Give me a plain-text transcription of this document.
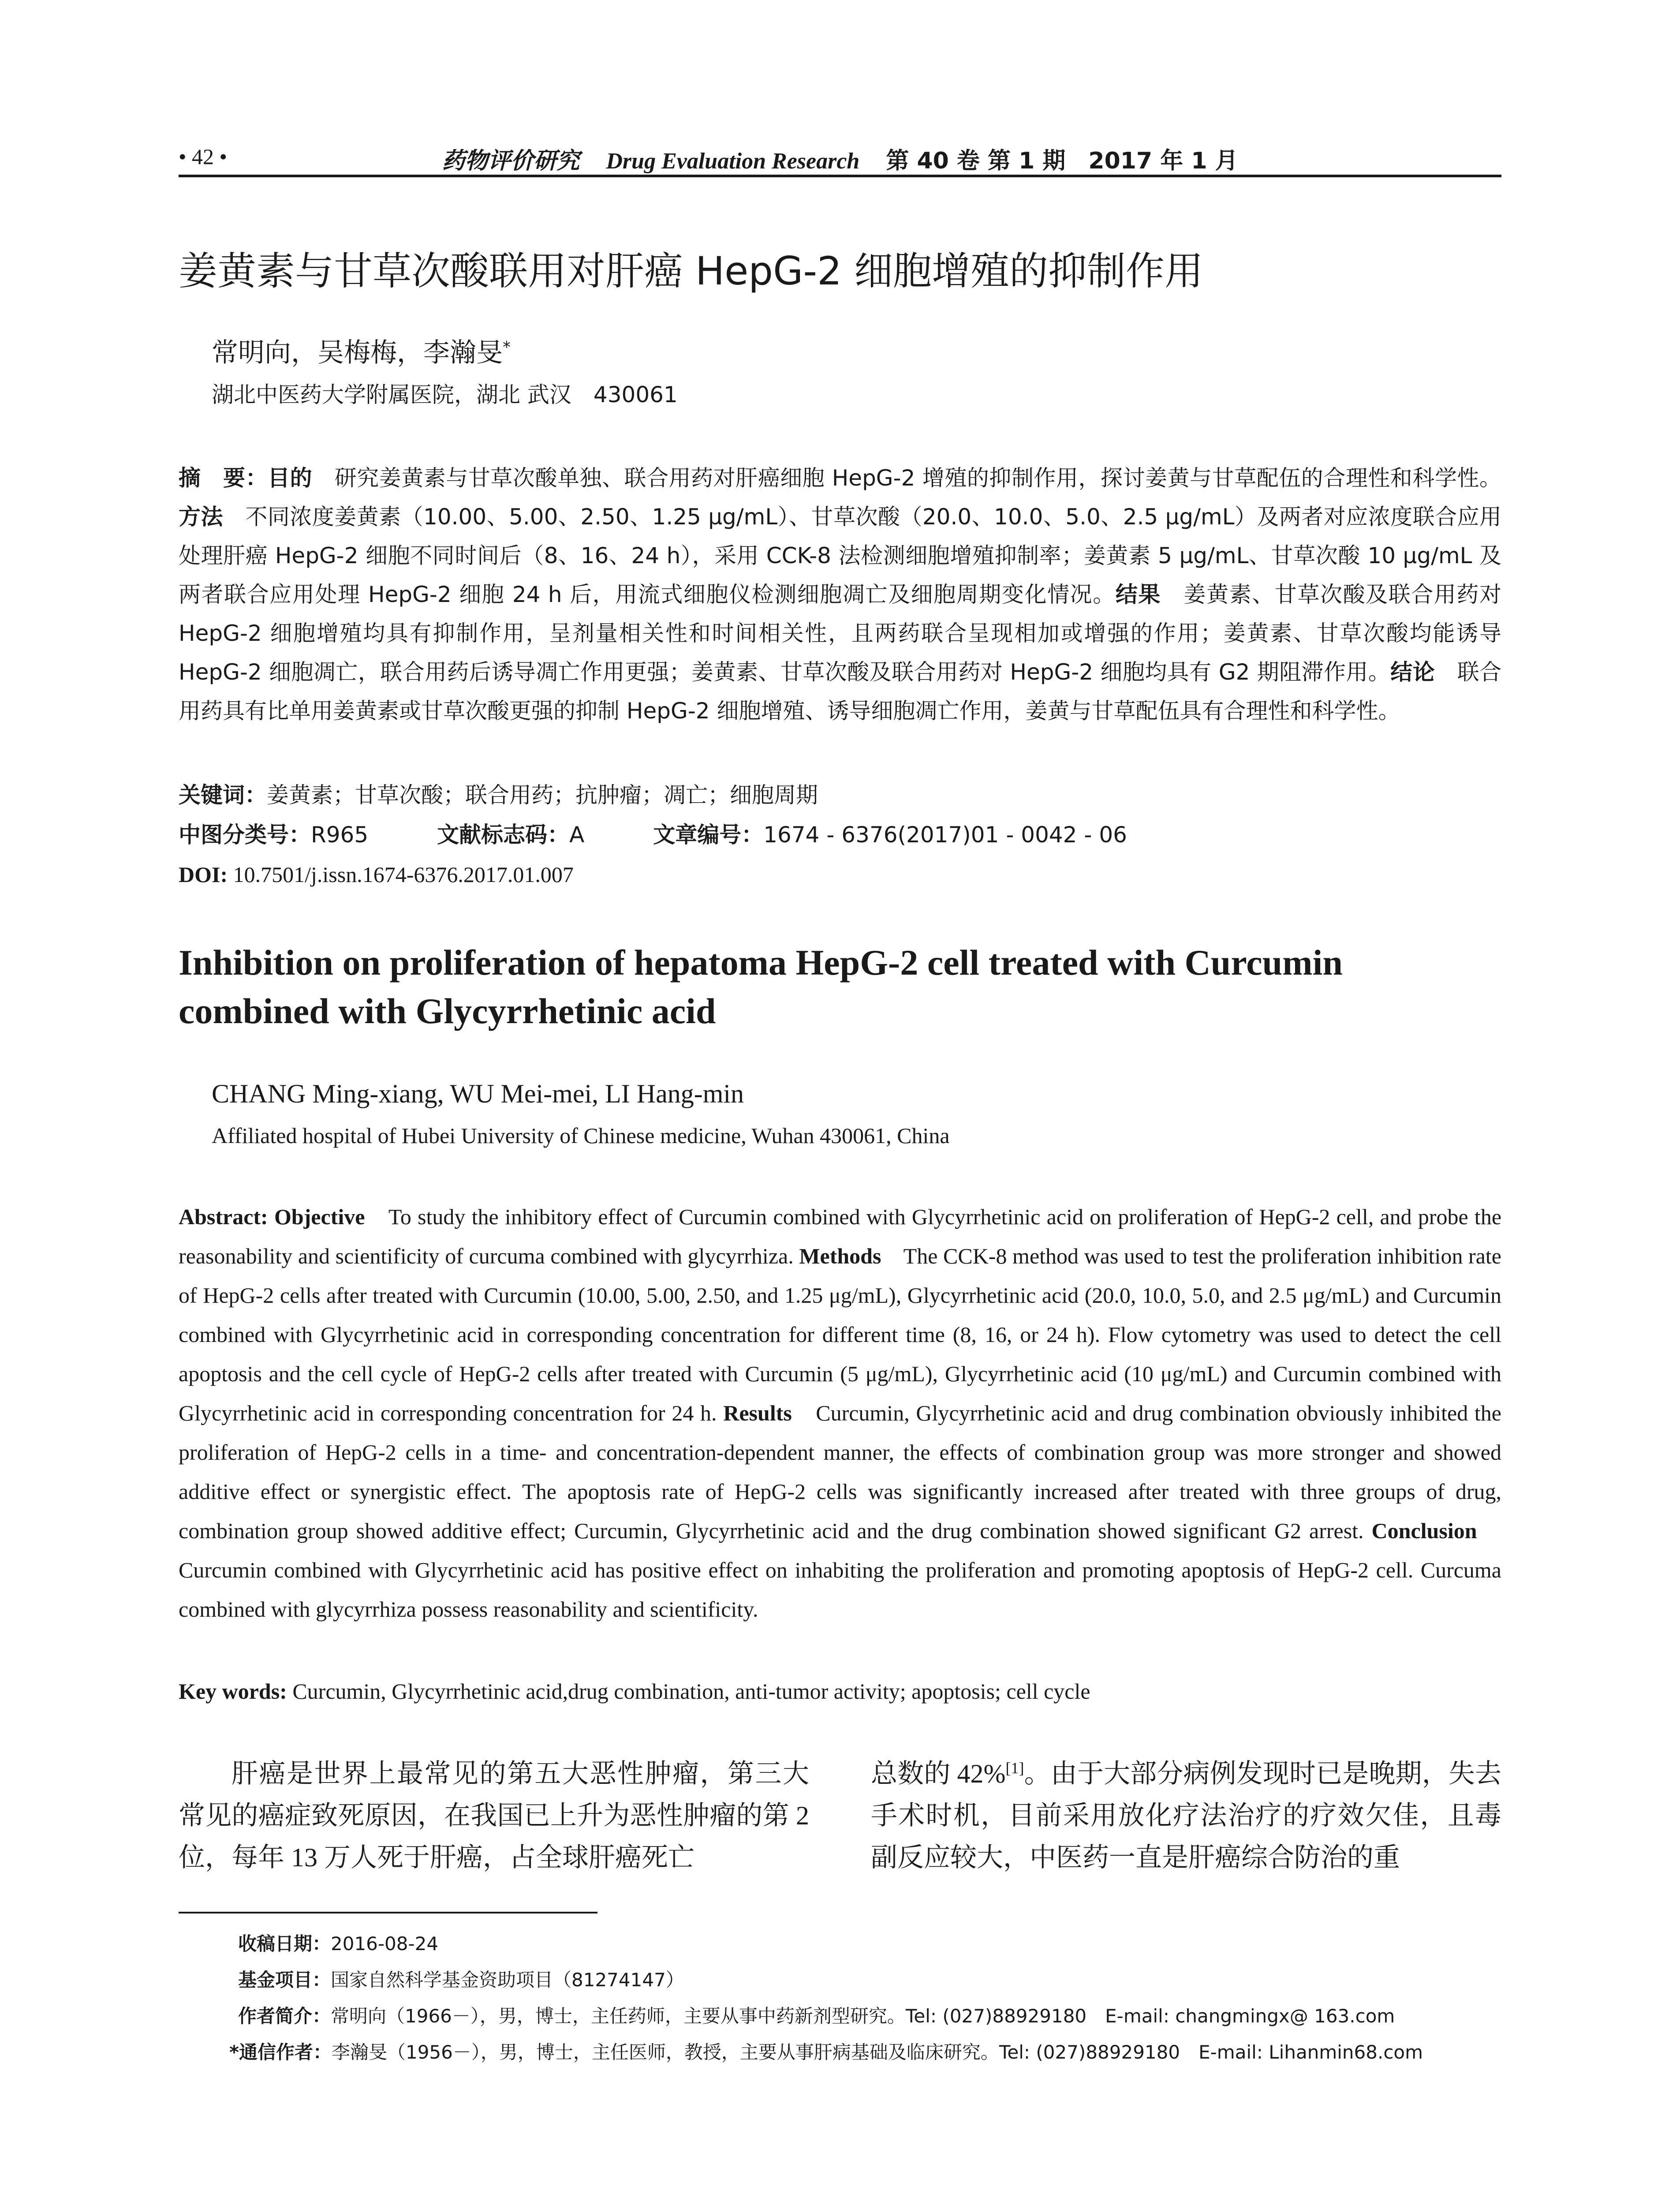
• 42 •	药物评价研究 Drug Evaluation Research 第 40 卷 第 1 期　2017 年 1 月
姜黄素与甘草次酸联用对肝癌 HepG-2 细胞增殖的抑制作用
常明向，吴梅梅，李瀚旻*
湖北中医药大学附属医院，湖北 武汉　430061
摘　要：目的　研究姜黄素与甘草次酸单独、联合用药对肝癌细胞 HepG-2 增殖的抑制作用，探讨姜黄与甘草配伍的合理性和科学性。方法　不同浓度姜黄素（10.00、5.00、2.50、1.25 μg/mL）、甘草次酸（20.0、10.0、5.0、2.5 μg/mL）及两者对应浓度联合应用处理肝癌 HepG-2 细胞不同时间后（8、16、24 h），采用 CCK-8 法检测细胞增殖抑制率；姜黄素 5 μg/mL、甘草次酸 10 μg/mL 及两者联合应用处理 HepG-2 细胞 24 h 后，用流式细胞仪检测细胞凋亡及细胞周期变化情况。结果　姜黄素、甘草次酸及联合用药对 HepG-2 细胞增殖均具有抑制作用，呈剂量相关性和时间相关性，且两药联合呈现相加或增强的作用；姜黄素、甘草次酸均能诱导 HepG-2 细胞凋亡，联合用药后诱导凋亡作用更强；姜黄素、甘草次酸及联合用药对 HepG-2 细胞均具有 G2 期阻滞作用。结论　联合用药具有比单用姜黄素或甘草次酸更强的抑制 HepG-2 细胞增殖、诱导细胞凋亡作用，姜黄与甘草配伍具有合理性和科学性。
关键词：姜黄素；甘草次酸；联合用药；抗肿瘤；凋亡；细胞周期
中图分类号：R965	文献标志码：A	文章编号：1674 - 6376(2017)01 - 0042 - 06
DOI: 10.7501/j.issn.1674-6376.2017.01.007
Inhibition on proliferation of hepatoma HepG-2 cell treated with Curcumin combined with Glycyrrhetinic acid
CHANG Ming-xiang, WU Mei-mei, LI Hang-min
Affiliated hospital of Hubei University of Chinese medicine, Wuhan 430061, China
Abstract: Objective　To study the inhibitory effect of Curcumin combined with Glycyrrhetinic acid on proliferation of HepG-2 cell, and probe the reasonability and scientificity of curcuma combined with glycyrrhiza. Methods　The CCK-8 method was used to test the proliferation inhibition rate of HepG-2 cells after treated with Curcumin (10.00, 5.00, 2.50, and 1.25 μg/mL), Glycyrrhetinic acid (20.0, 10.0, 5.0, and 2.5 μg/mL) and Curcumin combined with Glycyrrhetinic acid in corresponding concentration for different time (8, 16, or 24 h). Flow cytometry was used to detect the cell apoptosis and the cell cycle of HepG-2 cells after treated with Curcumin (5 μg/mL), Glycyrrhetinic acid (10 μg/mL) and Curcumin combined with Glycyrrhetinic acid in corresponding concentration for 24 h. Results　Curcumin, Glycyrrhetinic acid and drug combination obviously inhibited the proliferation of HepG-2 cells in a time- and concentration-dependent manner, the effects of combination group was more stronger and showed additive effect or synergistic effect. The apoptosis rate of HepG-2 cells was significantly increased after treated with three groups of drug, combination group showed additive effect; Curcumin, Glycyrrhetinic acid and the drug combination showed significant G2 arrest. Conclusion　Curcumin combined with Glycyrrhetinic acid has positive effect on inhabiting the proliferation and promoting apoptosis of HepG-2 cell. Curcuma combined with glycyrrhiza possess reasonability and scientificity.
Key words: Curcumin, Glycyrrhetinic acid,drug combination, anti-tumor activity; apoptosis; cell cycle

肝癌是世界上最常见的第五大恶性肿瘤，第三大常见的癌症致死原因，在我国已上升为恶性肿瘤的第 2 位，每年 13 万人死于肝癌，占全球肝癌死亡

总数的 42%[1]。由于大部分病例发现时已是晚期，失去手术时机，目前采用放化疗法治疗的疗效欠佳，且毒副反应较大，中医药一直是肝癌综合防治的重

收稿日期：2016-08-24
基金项目：国家自然科学基金资助项目（81274147）
作者简介：常明向（1966－），男，博士，主任药师，主要从事中药新剂型研究。Tel: (027)88929180　E-mail: changmingx@ 163.com
*通信作者：李瀚旻（1956－），男，博士，主任医师，教授，主要从事肝病基础及临床研究。Tel: (027)88929180　E-mail: Lihanmin68.com
